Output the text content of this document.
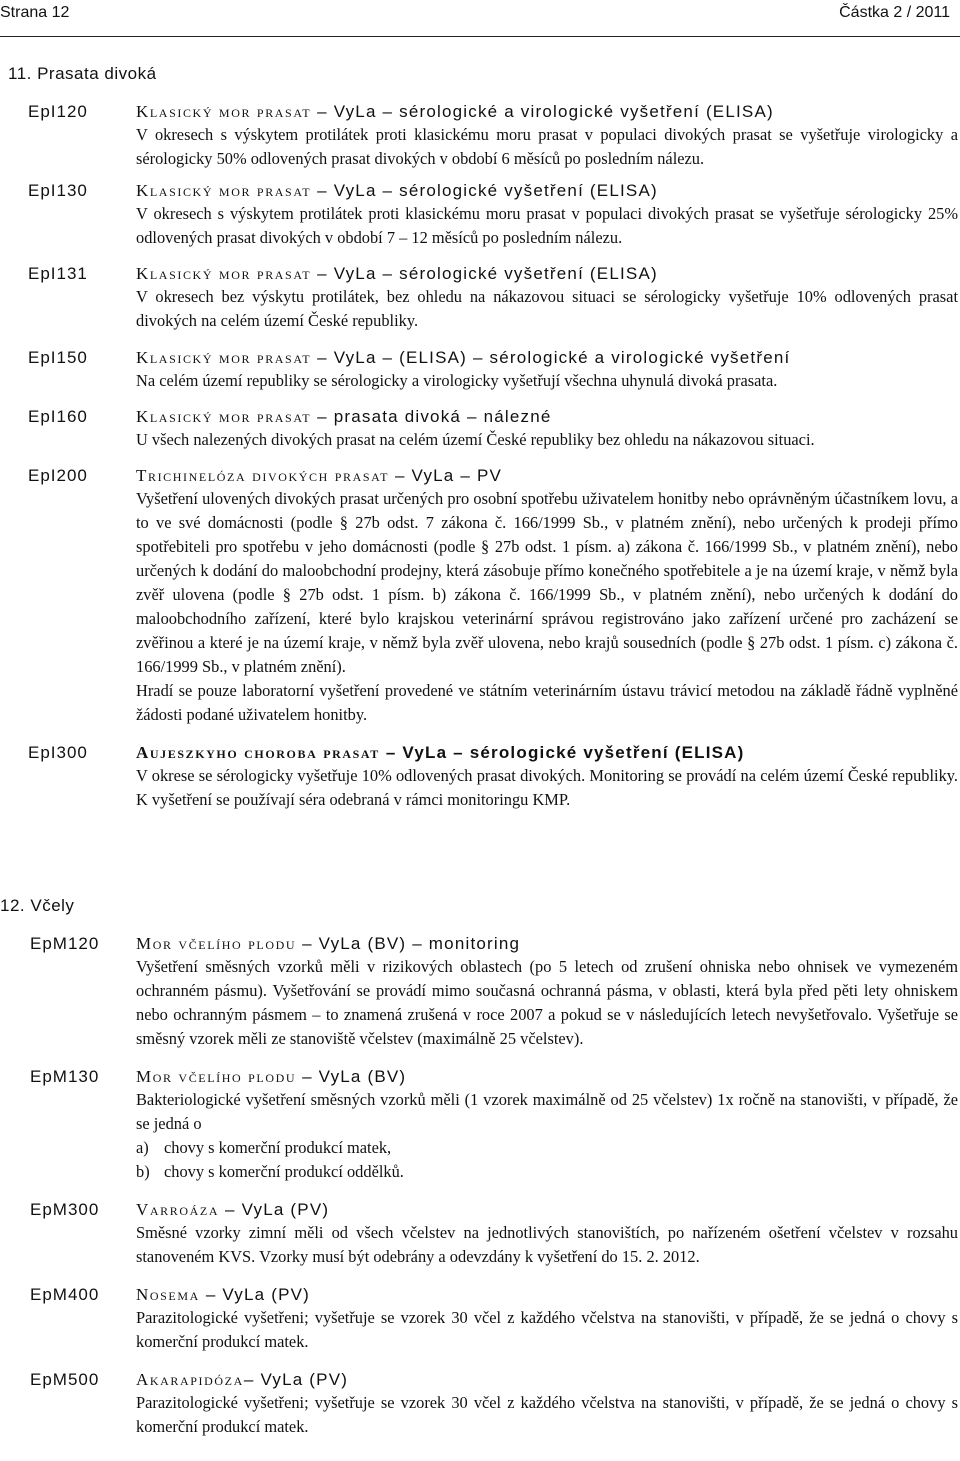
Strana 12	Částka 2 / 2011
11. Prasata divoká
EpI120	Klasický mor prasat – VyLa – sérologické a virologické vyšetření (ELISA)

V okresech s výskytem protilátek proti klasickému moru prasat v populaci divokých prasat se vyšetřuje virologicky a sérologicky 50% odlovených prasat divokých v období 6 měsíců po posledním nálezu.

EpI130	Klasický mor prasat – VyLa – sérologické vyšetření (ELISA)

V okresech s výskytem protilátek proti klasickému moru prasat v populaci divokých prasat se vyšetřuje sérologicky 25% odlovených prasat divokých v období 7 – 12 měsíců po posledním nálezu.

EpI131	Klasický mor prasat – VyLa – sérologické vyšetření (ELISA)

V okresech bez výskytu protilátek, bez ohledu na nákazovou situaci se sérologicky vyšetřuje 10% odlovených prasat divokých na celém území České republiky.

EpI150	Klasický mor prasat – VyLa – (ELISA) – sérologické a virologické vyšetření

Na celém území republiky se sérologicky a virologicky vyšetřují všechna uhynulá divoká prasata.

EpI160	Klasický mor prasat – prasata divoká – nálezné

U všech nalezených divokých prasat na celém území České republiky bez ohledu na nákazovou situaci.

EpI200	Trichinelóza divokých prasat – VyLa – PV

Vyšetření ulovených divokých prasat určených pro osobní spotřebu uživatelem honitby nebo oprávněným účastníkem lovu, a to ve své domácnosti (podle § 27b odst. 7 zákona č. 166/1999 Sb., v platném znění), nebo určených k prodeji přímo spotřebiteli pro spotřebu v jeho domácnosti (podle § 27b odst. 1 písm. a) zákona č. 166/1999 Sb., v platném znění), nebo určených k dodání do maloobchodní prodejny, která zásobuje přímo konečného spotřebitele a je na území kraje, v němž byla zvěř ulovena (podle § 27b odst. 1 písm. b) zákona č. 166/1999 Sb., v platném znění), nebo určených k dodání do maloobchodního zařízení, které bylo krajskou veterinární správou registrováno jako zařízení určené pro zacházení se zvěřinou a které je na území kraje, v němž byla zvěř ulovena, nebo krajů sousedních (podle § 27b odst. 1 písm. c) zákona č. 166/1999 Sb., v platném znění).

Hradí se pouze laboratorní vyšetření provedené ve státním veterinárním ústavu trávicí metodou na základě řádně vyplněné žádosti podané uživatelem honitby.

EpI300	Aujeszkyho choroba prasat – VyLa – sérologické vyšetření (ELISA)

V okrese se sérologicky vyšetřuje 10% odlovených prasat divokých. Monitoring se provádí na celém území České republiky. K vyšetření se používají séra odebraná v rámci monitoringu KMP.

12. Včely
EpM120 Mor včelího plodu – VyLa (BV) – monitoring

Vyšetření směsných vzorků měli v rizikových oblastech (po 5 letech od zrušení ohniska nebo ohnisek ve vymezeném ochranném pásmu). Vyšetřování se provádí mimo současná ochranná pásma, v oblasti, která byla před pěti lety ohniskem nebo ochranným pásmem – to znamená zrušená v roce 2007 a pokud se v následujících letech nevyšetřovalo. Vyšetřuje se směsný vzorek měli ze stanoviště včelstev (maximálně 25 včelstev).

EpM130 Mor včelího plodu – VyLa (BV)

Bakteriologické vyšetření směsných vzorků měli (1 vzorek maximálně od 25 včelstev) 1x ročně na stanovišti, v případě, že se jedná o

a) chovy s komerční produkcí matek,
b) chovy s komerční produkcí oddělků.
EpM300 Varroáza – VyLa (PV)

Směsné vzorky zimní měli od všech včelstev na jednotlivých stanovištích, po nařízeném ošetření včelstev v rozsahu stanoveném KVS. Vzorky musí být odebrány a odevzdány k vyšetření do 15. 2. 2012.

EpM400 Nosema – VyLa (PV)

Parazitologické vyšetřeni; vyšetřuje se vzorek 30 včel z každého včelstva na stanovišti, v případě, že se jedná o chovy s komerční produkcí matek.

EpM500 Akarapidóza– VyLa (PV)

Parazitologické vyšetřeni; vyšetřuje se vzorek 30 včel z každého včelstva na stanovišti, v případě, že se jedná o chovy s komerční produkcí matek.
